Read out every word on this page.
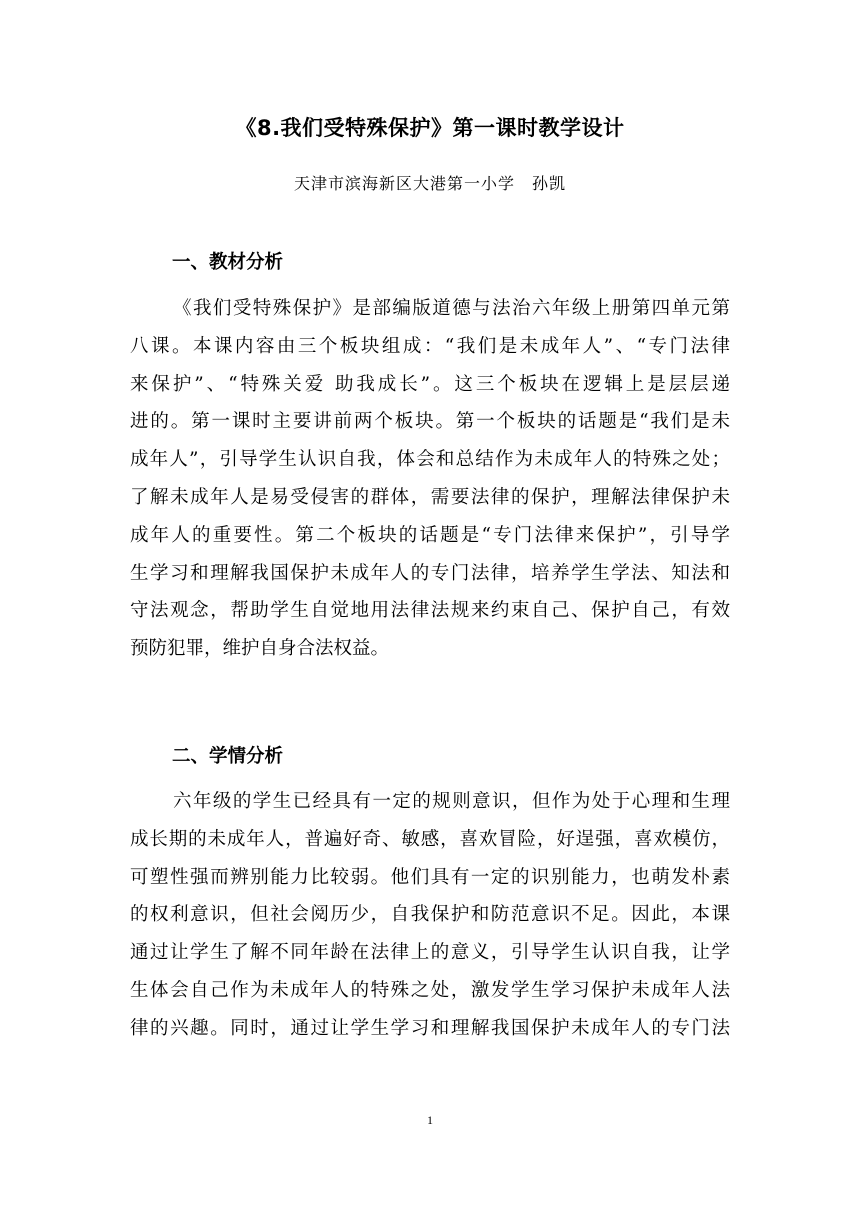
《8.我们受特殊保护》第一课时教学设计
天津市滨海新区大港第一小学　孙凯
一、教材分析
《我们受特殊保护》是部编版道德与法治六年级上册第四单元第
八课。本课内容由三个板块组成：“我们是未成年人”、“专门法律
来保护”、“特殊关爱 助我成长”。这三个板块在逻辑上是层层递
进的。第一课时主要讲前两个板块。第一个板块的话题是“我们是未
成年人”，引导学生认识自我，体会和总结作为未成年人的特殊之处；
了解未成年人是易受侵害的群体，需要法律的保护，理解法律保护未
成年人的重要性。第二个板块的话题是“专门法律来保护”，引导学
生学习和理解我国保护未成年人的专门法律，培养学生学法、知法和
守法观念，帮助学生自觉地用法律法规来约束自己、保护自己，有效
预防犯罪，维护自身合法权益。
二、学情分析
六年级的学生已经具有一定的规则意识，但作为处于心理和生理
成长期的未成年人，普遍好奇、敏感，喜欢冒险，好逞强，喜欢模仿，
可塑性强而辨别能力比较弱。他们具有一定的识别能力，也萌发朴素
的权利意识，但社会阅历少，自我保护和防范意识不足。因此，本课
通过让学生了解不同年龄在法律上的意义，引导学生认识自我，让学
生体会自己作为未成年人的特殊之处，激发学生学习保护未成年人法
律的兴趣。同时，通过让学生学习和理解我国保护未成年人的专门法
1
